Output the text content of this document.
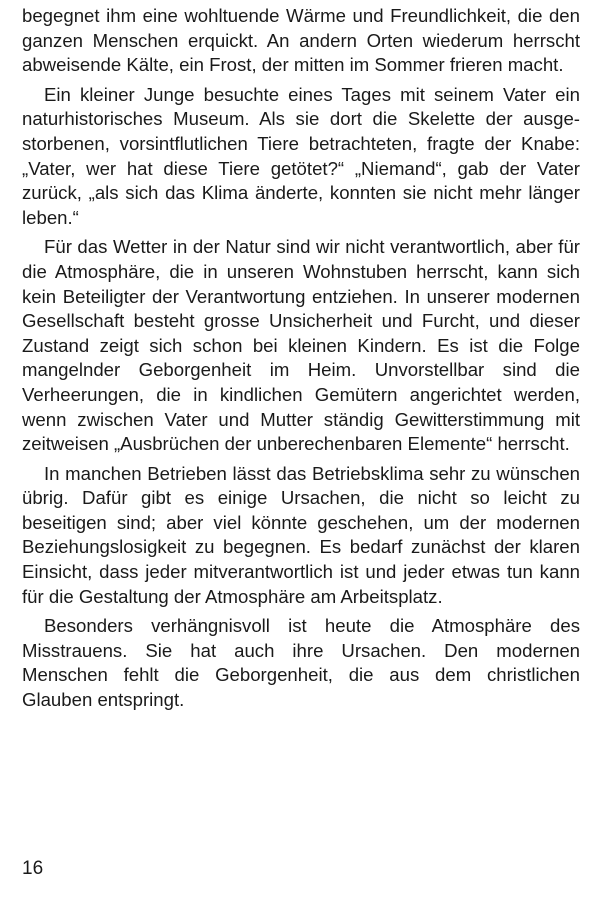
begegnet ihm eine wohltuende Wärme und Freundlichkeit, die den ganzen Menschen erquickt. An andern Orten wiederum herrscht abweisende Kälte, ein Frost, der mitten im Sommer frieren macht.

Ein kleiner Junge besuchte eines Tages mit seinem Vater ein naturhistorisches Museum. Als sie dort die Skelette der ausgestorbenen, vorsintflutlichen Tiere betrachteten, fragte der Knabe: „Vater, wer hat diese Tiere getötet?“ „Niemand“, gab der Vater zurück, „als sich das Klima änderte, konnten sie nicht mehr länger leben.“

Für das Wetter in der Natur sind wir nicht verantwortlich, aber für die Atmosphäre, die in unseren Wohnstuben herrscht, kann sich kein Beteiligter der Verantwortung entziehen. In unserer modernen Gesellschaft besteht grosse Unsicherheit und Furcht, und dieser Zustand zeigt sich schon bei kleinen Kindern. Es ist die Folge mangelnder Geborgenheit im Heim. Unvorstellbar sind die Verheerungen, die in kindlichen Gemütern angerichtet werden, wenn zwischen Vater und Mutter ständig Gewitterstimmung mit zeitweisen „Ausbrüchen der unberechenbaren Elemente“ herrscht.

In manchen Betrieben lässt das Betriebsklima sehr zu wünschen übrig. Dafür gibt es einige Ursachen, die nicht so leicht zu beseitigen sind; aber viel könnte geschehen, um der modernen Beziehungslosigkeit zu begegnen. Es bedarf zunächst der klaren Einsicht, dass jeder mitverantwortlich ist und jeder etwas tun kann für die Gestaltung der Atmosphäre am Arbeitsplatz.

Besonders verhängnisvoll ist heute die Atmosphäre des Misstrauens. Sie hat auch ihre Ursachen. Den modernen Menschen fehlt die Geborgenheit, die aus dem christlichen Glauben entspringt.

16
